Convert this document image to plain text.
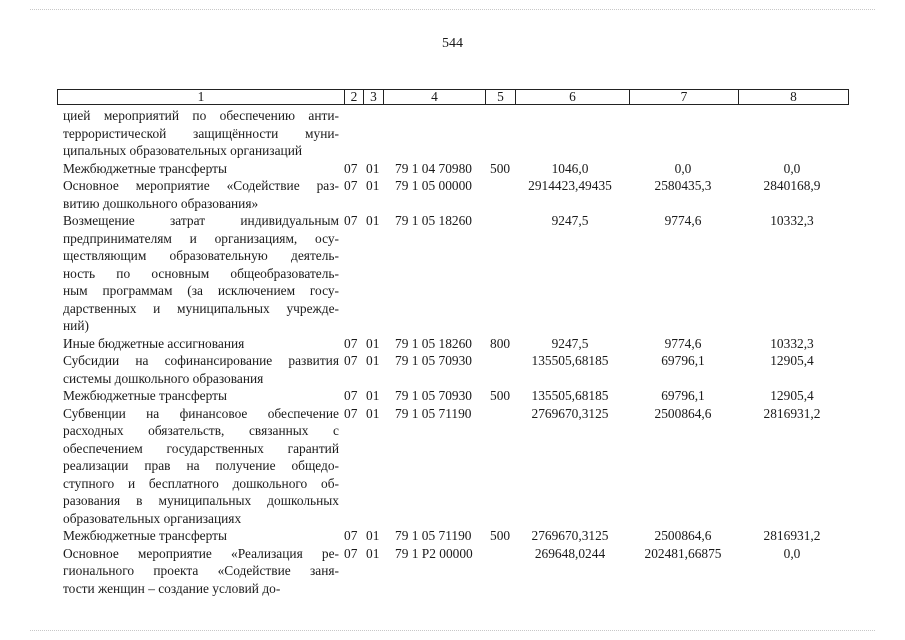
544
1	2 3	4	5	6	7	8
цией мероприятий по обеспечению анти-
террористической защищённости муни-
ципальных образовательных организаций
Межбюджетные трансферты	07 01 79 1 04 70980 500	1046,0	0,0	0,0
Основное мероприятие «Содействие раз-
витию дошкольного образования»
07 01 79 1 05 00000	2914423,49435	2580435,3	2840168,9
Возмещение затрат индивидуальным
предпринимателям и организациям, осу-
ществляющим образовательную деятель-
ность по основным общеобразователь-
ным программам (за исключением госу-
дарственных и муниципальных учрежде-
ний)
07 01 79 1 05 18260	9247,5	9774,6	10332,3
Иные бюджетные ассигнования	07 01 79 1 05 18260 800	9247,5	9774,6	10332,3
Субсидии на софинансирование развития
системы дошкольного образования
07 01 79 1 05 70930	135505,68185	69796,1	12905,4
Межбюджетные трансферты	07 01 79 1 05 70930 500	135505,68185	69796,1	12905,4
Субвенции на финансовое обеспечение
расходных обязательств, связанных с
обеспечением государственных гарантий
реализации прав на получение общедо-
ступного и бесплатного дошкольного об-
разования в муниципальных дошкольных
образовательных организациях
07 01 79 1 05 71190	2769670,3125	2500864,6	2816931,2
Межбюджетные трансферты	07 01 79 1 05 71190 500	2769670,3125	2500864,6	2816931,2
Основное мероприятие «Реализация ре-
гионального проекта «Содействие заня-
тости женщин – создание условий до-
07 01 79 1 P2 00000	269648,0244	202481,66875	0,0
